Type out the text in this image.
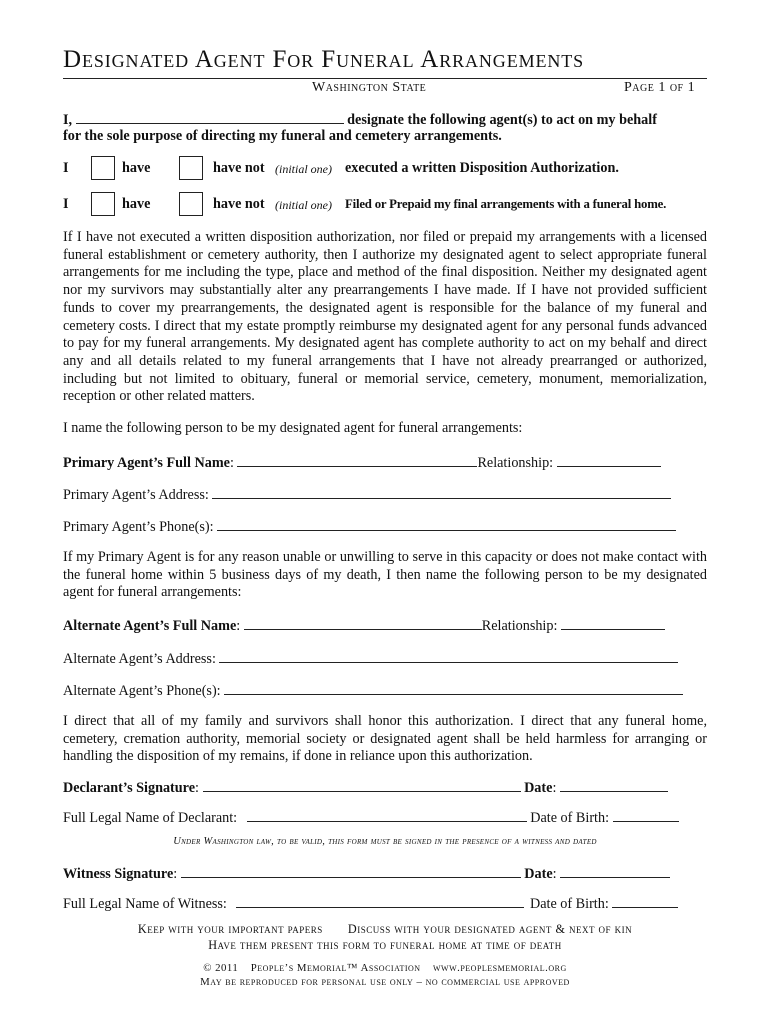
Designated Agent For Funeral Arrangements
Washington State	Page 1 of 1
I,	designate the following agent(s) to act on my behalf
for the sole purpose of directing my funeral and cemetery arrangements.
I	have	have not (initial one) executed a written Disposition Authorization.
I	have	have not (initial one) Filed or Prepaid my final arrangements with a funeral home.
If I have not executed a written disposition authorization, nor filed or prepaid my arrangements with a licensed funeral establishment or cemetery authority, then I authorize my designated agent to select appropriate funeral arrangements for me including the type, place and method of the final disposition. Neither my designated agent nor my survivors may substantially alter any prearrangements I have made. If I have not provided sufficient funds to cover my prearrangements, the designated agent is responsible for the balance of my funeral and cemetery costs. I direct that my estate promptly reimburse my designated agent for any personal funds advanced to pay for my funeral arrangements. My designated agent has complete authority to act on my behalf and direct any and all details related to my funeral arrangements that I have not already prearranged or authorized, including but not limited to obituary, funeral or memorial service, cemetery, monument, memorialization, reception or other related matters.
I name the following person to be my designated agent for funeral arrangements:
Primary Agent’s Full Name:	Relationship:
Primary Agent’s Address:
Primary Agent’s Phone(s):
If my Primary Agent is for any reason unable or unwilling to serve in this capacity or does not make contact with the funeral home within 5 business days of my death, I then name the following person to be my designated agent for funeral arrangements:
Alternate Agent’s Full Name:	Relationship:
Alternate Agent’s Address:
Alternate Agent’s Phone(s):
I direct that all of my family and survivors shall honor this authorization. I direct that any funeral home, cemetery, cremation authority, memorial society or designated agent shall be held harmless for arranging or handling the disposition of my remains, if done in reliance upon this authorization.
Declarant’s Signature:	Date:
Full Legal Name of Declarant:	Date of Birth:
Under Washington law, to be valid, this form must be signed in the presence of a witness and dated
Witness Signature:	Date:
Full Legal Name of Witness:	Date of Birth:
Keep with your important papers Discuss with your designated agent & next of kin
Have them present this form to funeral home at time of death
© 2011 People’s Memorial™ Association www.peoplesmemorial.org
May be reproduced for personal use only – no commercial use approved
